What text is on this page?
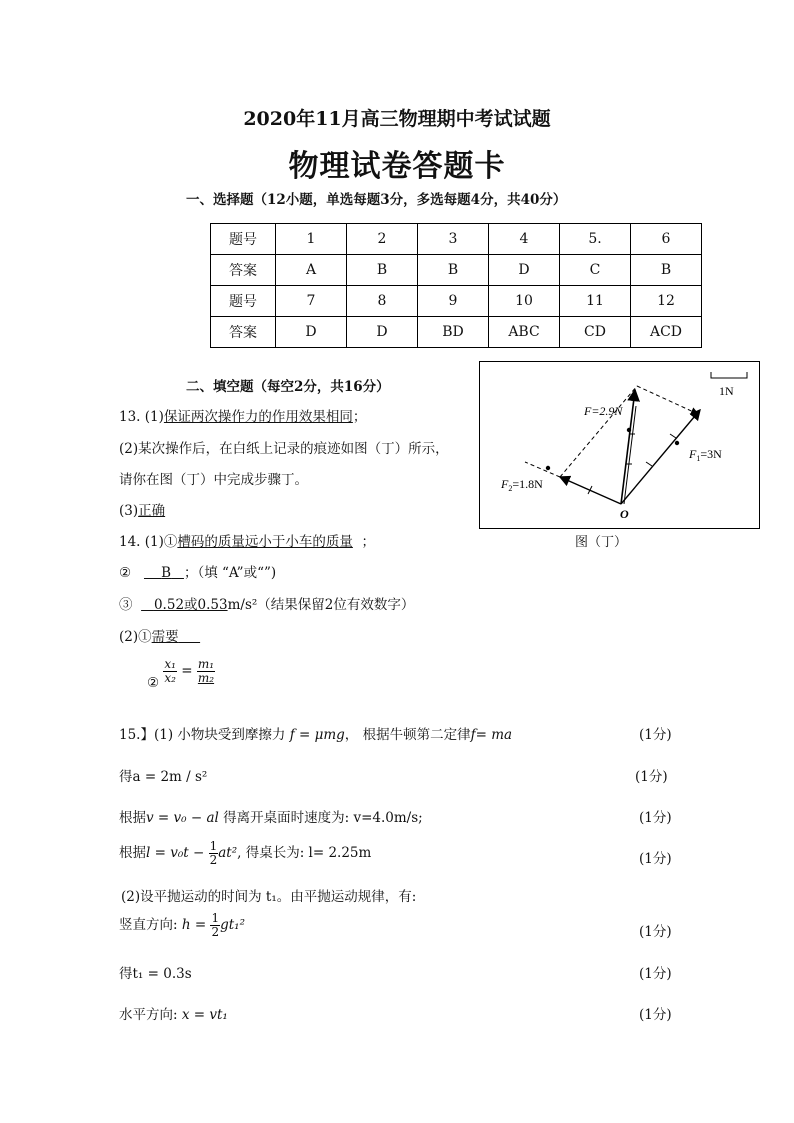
2020年11月高三物理期中考试试题
物理试卷答题卡
一、选择题（12小题，单选每题3分，多选每题4分，共40分）
题号	1	2	3	4	5.	6
答案	A	B	B	D	C	B
题号	7	8	9	10	11	12
答案	D	D	BD	ABC	CD	ACD
二、填空题（每空2分，共16分）
13. (1)保证两次操作力的作用效果相同；
(2)某次操作后，在白纸上记录的痕迹如图（丁）所示，
请你在图（丁）中完成步骤丁。
(3)正确
1N
F=2.9N
$F_1=3N$
$F_2=1.8N$
O
图（丁）
14. (1)①槽码的质量远小于小车的质量 ；
② B ；（填 “A”或“”)
③ 0.52或0.53m/s²（结果保留2位有效数字）
(2)①需要
② $\frac{\text{x₁}}{\text{x₂}} = \frac{\text{m₁}}{\text{m₂}}$
15.】(1) 小物块受到摩擦力 f = μmg， 根据牛顿第二定律f= ma	(1分)
得a = 2m / s²	(1分)
根据v = v₀ − al 得离开桌面时速度为: v=4.0m/s;	(1分)
根据$l = v_0t - \frac{1}{2} at^2$, 得桌长为: l= 2.25m	(1分)
(2)设平抛运动的时间为 t₁。由平抛运动规律，有:
竖直方向: $h = \frac{1}{2} gt_1^2$	(1分)
得t₁ = 0.3s	(1分)
水平方向: x = vt₁	(1分)
